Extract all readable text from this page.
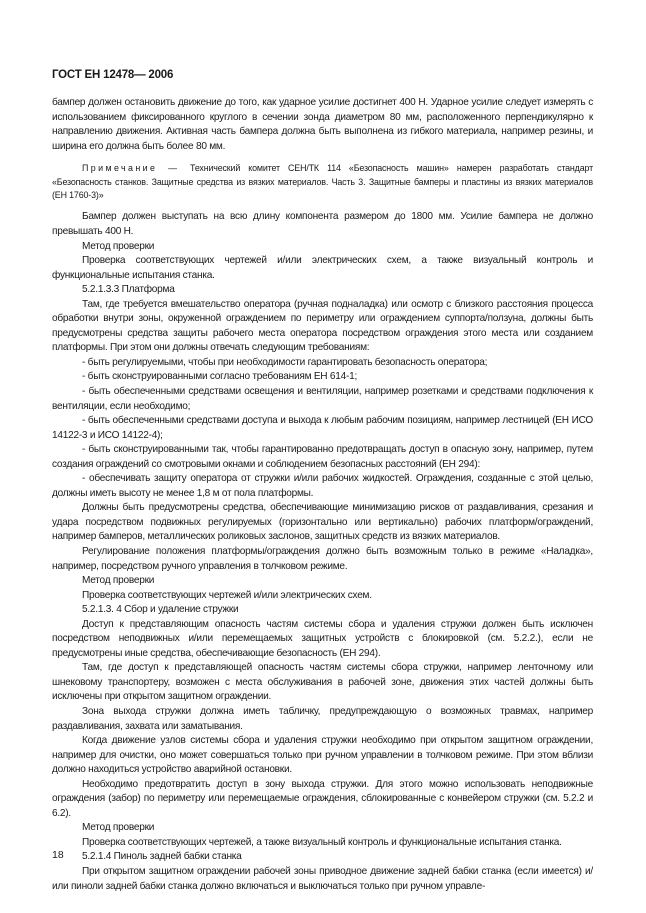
ГОСТ ЕН 12478— 2006

бампер должен остановить движение до того, как ударное усилие достигнет 400 Н. Ударное усилие следует измерять с использованием фиксированного круглого в сечении зонда диаметром 80 мм, расположенного перпендикулярно к направлению движения. Активная часть бампера должна быть выполнена из гибкого материала, например резины, и ширина его должна быть более 80 мм.

Примечание — Технический комитет СЕН/ТК 114 «Безопасность машин» намерен разработать стандарт «Безопасность станков. Защитные средства из вязких материалов. Часть 3. Защитные бамперы и пластины из вязких материалов (ЕН 1760-3)»

Бампер должен выступать на всю длину компонента размером до 1800 мм. Усилие бампера не должно превышать 400 Н.

Метод проверки

Проверка соответствующих чертежей и/или электрических схем, а также визуальный контроль и функциональные испытания станка.

5.2.1.3.3 Платформа

Там, где требуется вмешательство оператора (ручная подналадка) или осмотр с близкого расстояния процесса обработки внутри зоны, окруженной ограждением по периметру или ограждением суппорта/ползуна, должны быть предусмотрены средства защиты рабочего места оператора посредством ограждения этого места или созданием платформы. При этом они должны отвечать следующим требованиям:

- быть регулируемыми, чтобы при необходимости гарантировать безопасность оператора;

- быть сконструированными согласно требованиям ЕН 614-1;

- быть обеспеченными средствами освещения и вентиляции, например розетками и средствами подключения к вентиляции, если необходимо;

- быть обеспеченными средствами доступа и выхода к любым рабочим позициям, например лестницей (ЕН ИСО 14122-3 и ИСО 14122-4);

- быть сконструированными так, чтобы гарантированно предотвращать доступ в опасную зону, например, путем создания ограждений со смотровыми окнами и соблюдением безопасных расстояний (ЕН 294):

- обеспечивать защиту оператора от стружки и/или рабочих жидкостей. Ограждения, созданные с этой целью, должны иметь высоту не менее 1,8 м от пола платформы.

Должны быть предусмотрены средства, обеспечивающие минимизацию рисков от раздавливания, срезания и удара посредством подвижных регулируемых (горизонтально или вертикально) рабочих платформ/ограждений, например бамперов, металлических роликовых заслонов, защитных средств из вязких материалов.

Регулирование положения платформы/ограждения должно быть возможным только в режиме «Наладка», например, посредством ручного управления в толчковом режиме.

Метод проверки

Проверка соответствующих чертежей и/или электрических схем.

5.2.1.3. 4 Сбор и удаление стружки

Доступ к представляющим опасность частям системы сбора и удаления стружки должен быть исключен посредством неподвижных и/или перемещаемых защитных устройств с блокировкой (см. 5.2.2.), если не предусмотрены иные средства, обеспечивающие безопасность (ЕН 294).

Там, где доступ к представляющей опасность частям системы сбора стружки, например ленточному или шнековому транспортеру, возможен с места обслуживания в рабочей зоне, движения этих частей должны быть исключены при открытом защитном ограждении.

Зона выхода стружки должна иметь табличку, предупреждающую о возможных травмах, например раздавливания, захвата или заматывания.

Когда движение узлов системы сбора и удаления стружки необходимо при открытом защитном ограждении, например для очистки, оно может совершаться только при ручном управлении в толчковом режиме. При этом вблизи должно находиться устройство аварийной остановки.

Необходимо предотвратить доступ в зону выхода стружки. Для этого можно использовать неподвижные ограждения (забор) по периметру или перемещаемые ограждения, сблокированные с конвейером стружки (см. 5.2.2 и 6.2).

Метод проверки

Проверка соответствующих чертежей, а также визуальный контроль и функциональные испытания станка.

5.2.1.4 Пиноль задней бабки станка

При открытом защитном ограждении рабочей зоны приводное движение задней бабки станка (если имеется) и/или пиноли задней бабки станка должно включаться и выключаться только при ручном управле-

18
